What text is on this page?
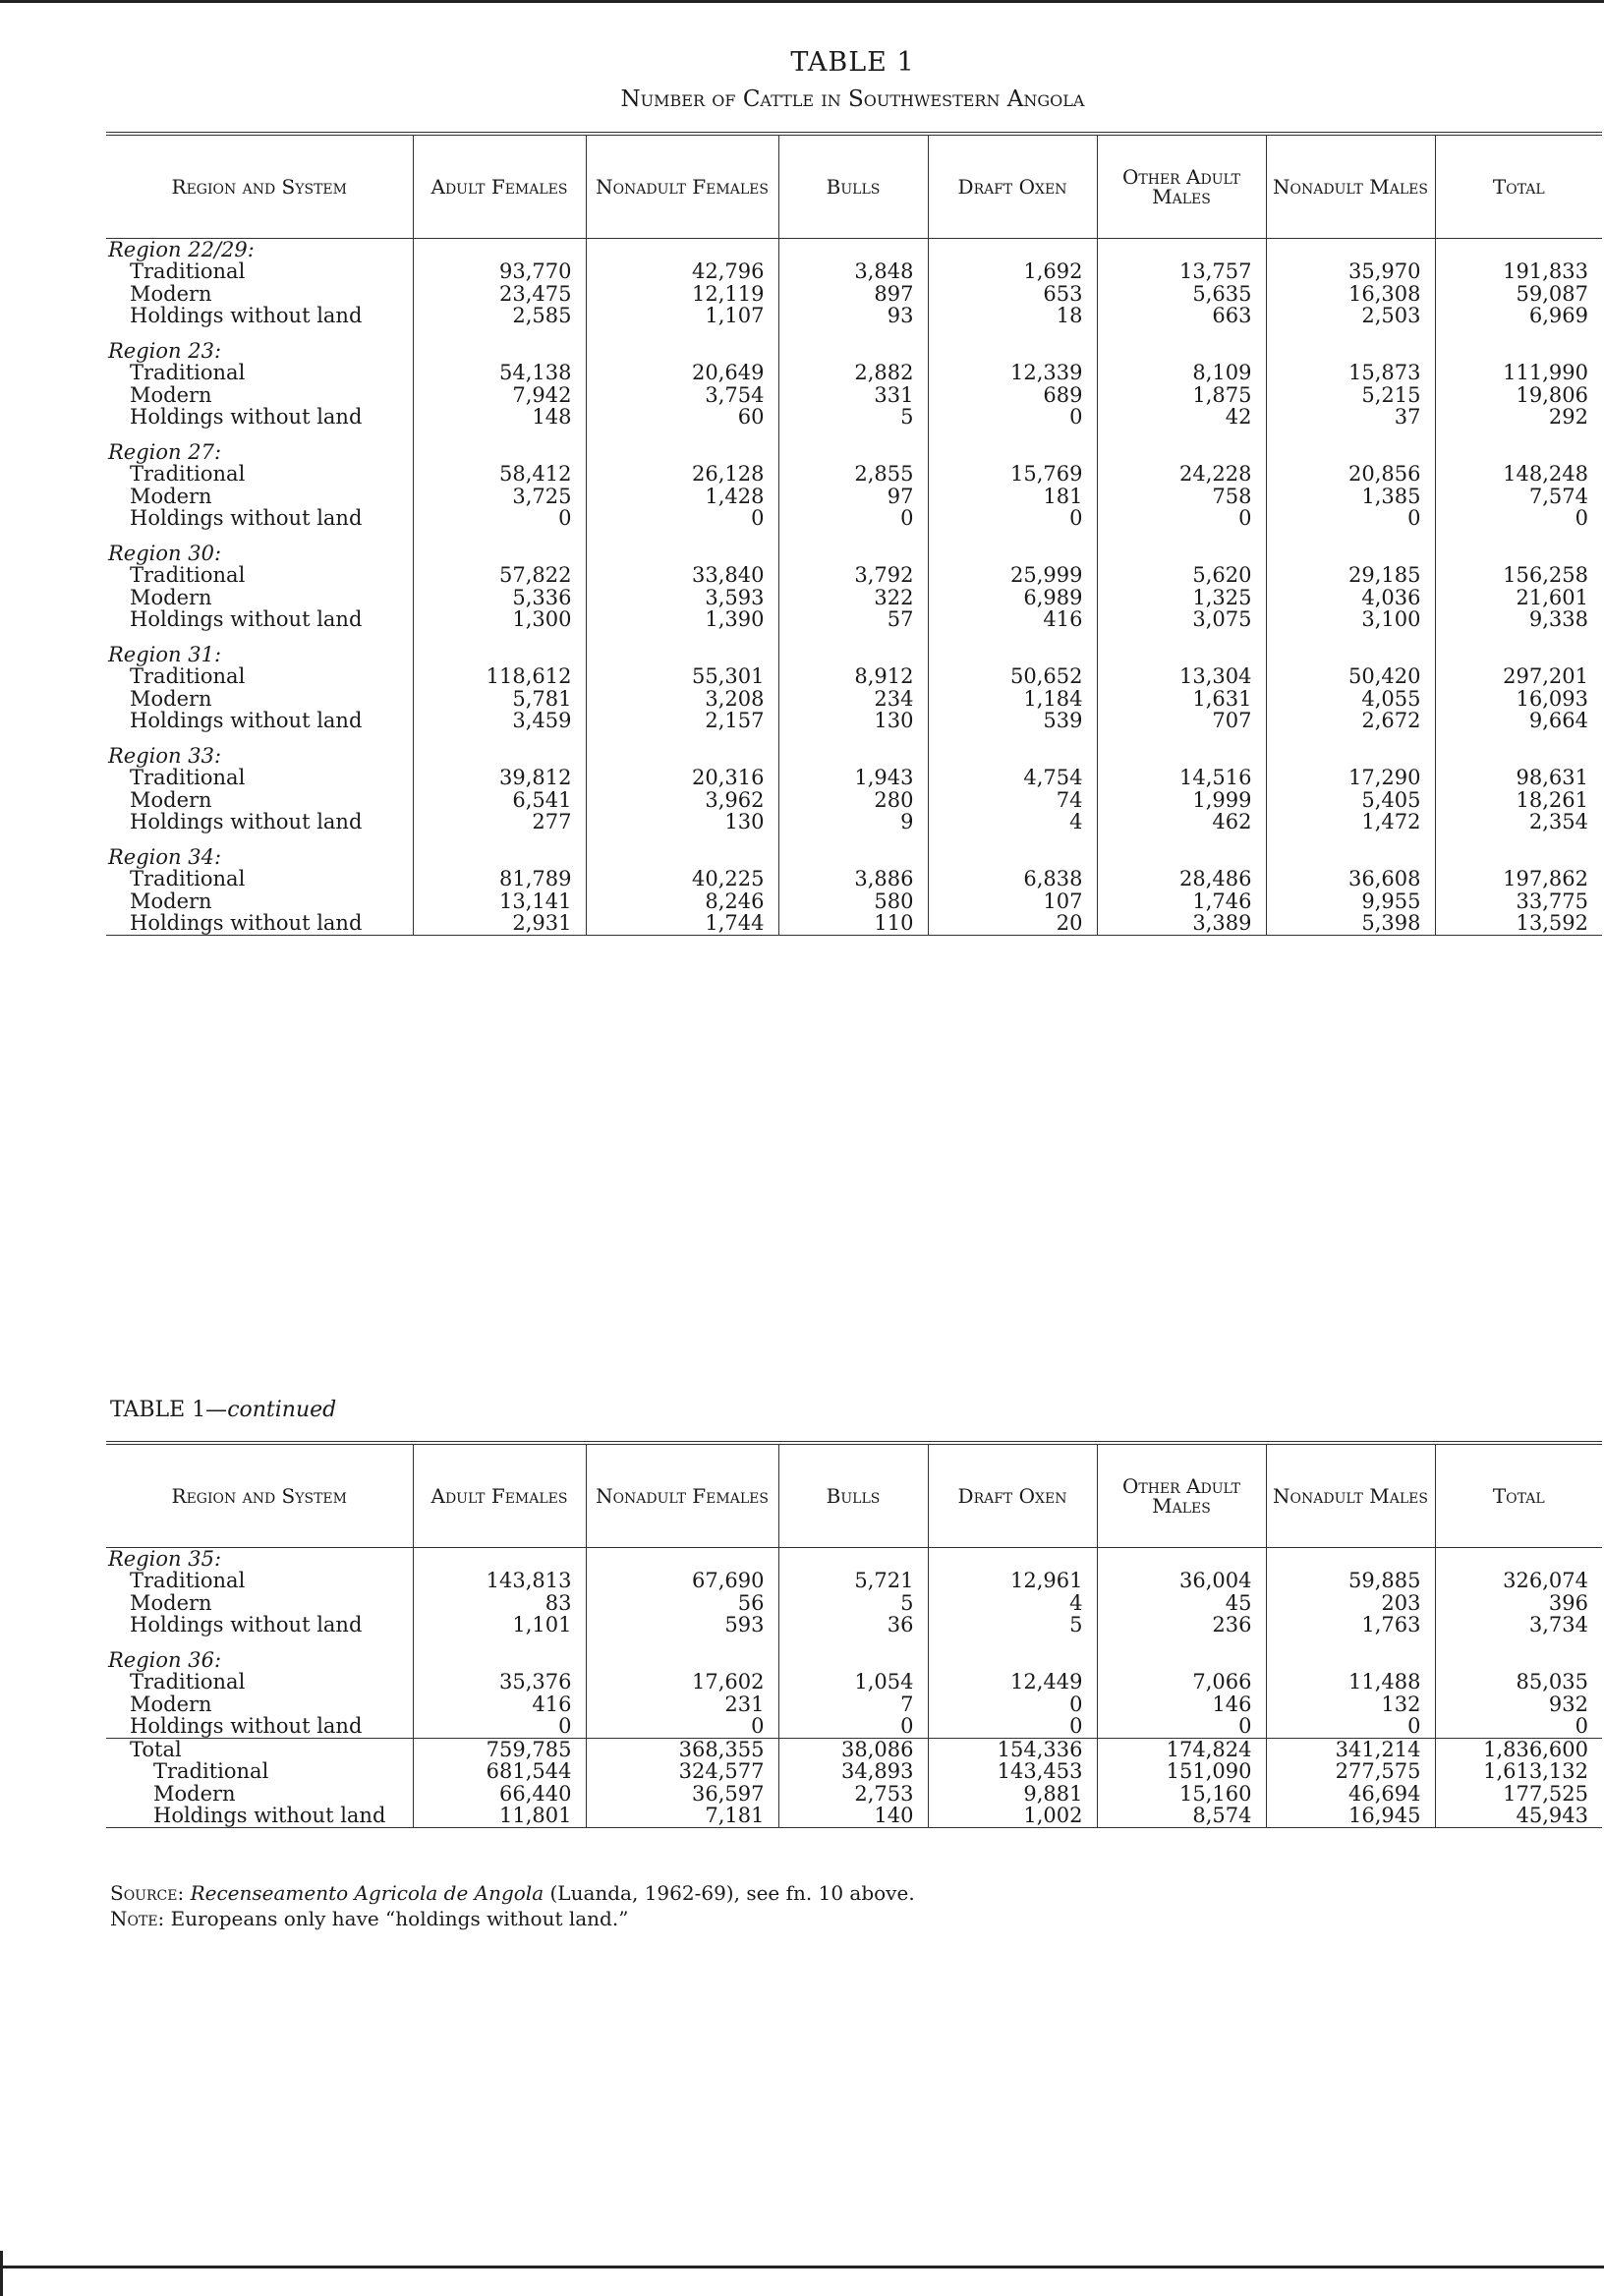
TABLE 1
Number of Cattle in Southwestern Angola
Region and System	Adult Females	Nonadult Females	Bulls	Draft Oxen	Other Adult Males	Nonadult Males	Total
Region 22/29:							
Traditional	93,770	42,796	3,848	1,692	13,757	35,970	191,833
Modern	23,475	12,119	897	653	5,635	16,308	59,087
Holdings without land	2,585	1,107	93	18	663	2,503	6,969

Region 23:							
Traditional	54,138	20,649	2,882	12,339	8,109	15,873	111,990
Modern	7,942	3,754	331	689	1,875	5,215	19,806
Holdings without land	148	60	5	0	42	37	292

Region 27:							
Traditional	58,412	26,128	2,855	15,769	24,228	20,856	148,248
Modern	3,725	1,428	97	181	758	1,385	7,574
Holdings without land	0	0	0	0	0	0	0

Region 30:							
Traditional	57,822	33,840	3,792	25,999	5,620	29,185	156,258
Modern	5,336	3,593	322	6,989	1,325	4,036	21,601
Holdings without land	1,300	1,390	57	416	3,075	3,100	9,338

Region 31:							
Traditional	118,612	55,301	8,912	50,652	13,304	50,420	297,201
Modern	5,781	3,208	234	1,184	1,631	4,055	16,093
Holdings without land	3,459	2,157	130	539	707	2,672	9,664

Region 33:							
Traditional	39,812	20,316	1,943	4,754	14,516	17,290	98,631
Modern	6,541	3,962	280	74	1,999	5,405	18,261
Holdings without land	277	130	9	4	462	1,472	2,354

Region 34:							
Traditional	81,789	40,225	3,886	6,838	28,486	36,608	197,862
Modern	13,141	8,246	580	107	1,746	9,955	33,775
Holdings without land	2,931	1,744	110	20	3,389	5,398	13,592
TABLE 1—continued
Region and System	Adult Females	Nonadult Females	Bulls	Draft Oxen	Other Adult Males	Nonadult Males	Total
Region 35:							
Traditional	143,813	67,690	5,721	12,961	36,004	59,885	326,074
Modern	83	56	5	4	45	203	396
Holdings without land	1,101	593	36	5	236	1,763	3,734

Region 36:							
Traditional	35,376	17,602	1,054	12,449	7,066	11,488	85,035
Modern	416	231	7	0	146	132	932
Holdings without land	0	0	0	0	0	0	0
Total	759,785	368,355	38,086	154,336	174,824	341,214	1,836,600
Traditional	681,544	324,577	34,893	143,453	151,090	277,575	1,613,132
Modern	66,440	36,597	2,753	9,881	15,160	46,694	177,525
Holdings without land	11,801	7,181	140	1,002	8,574	16,945	45,943
Source: Recenseamento Agricola de Angola (Luanda, 1962-69), see fn. 10 above.
Note: Europeans only have “holdings without land.”
